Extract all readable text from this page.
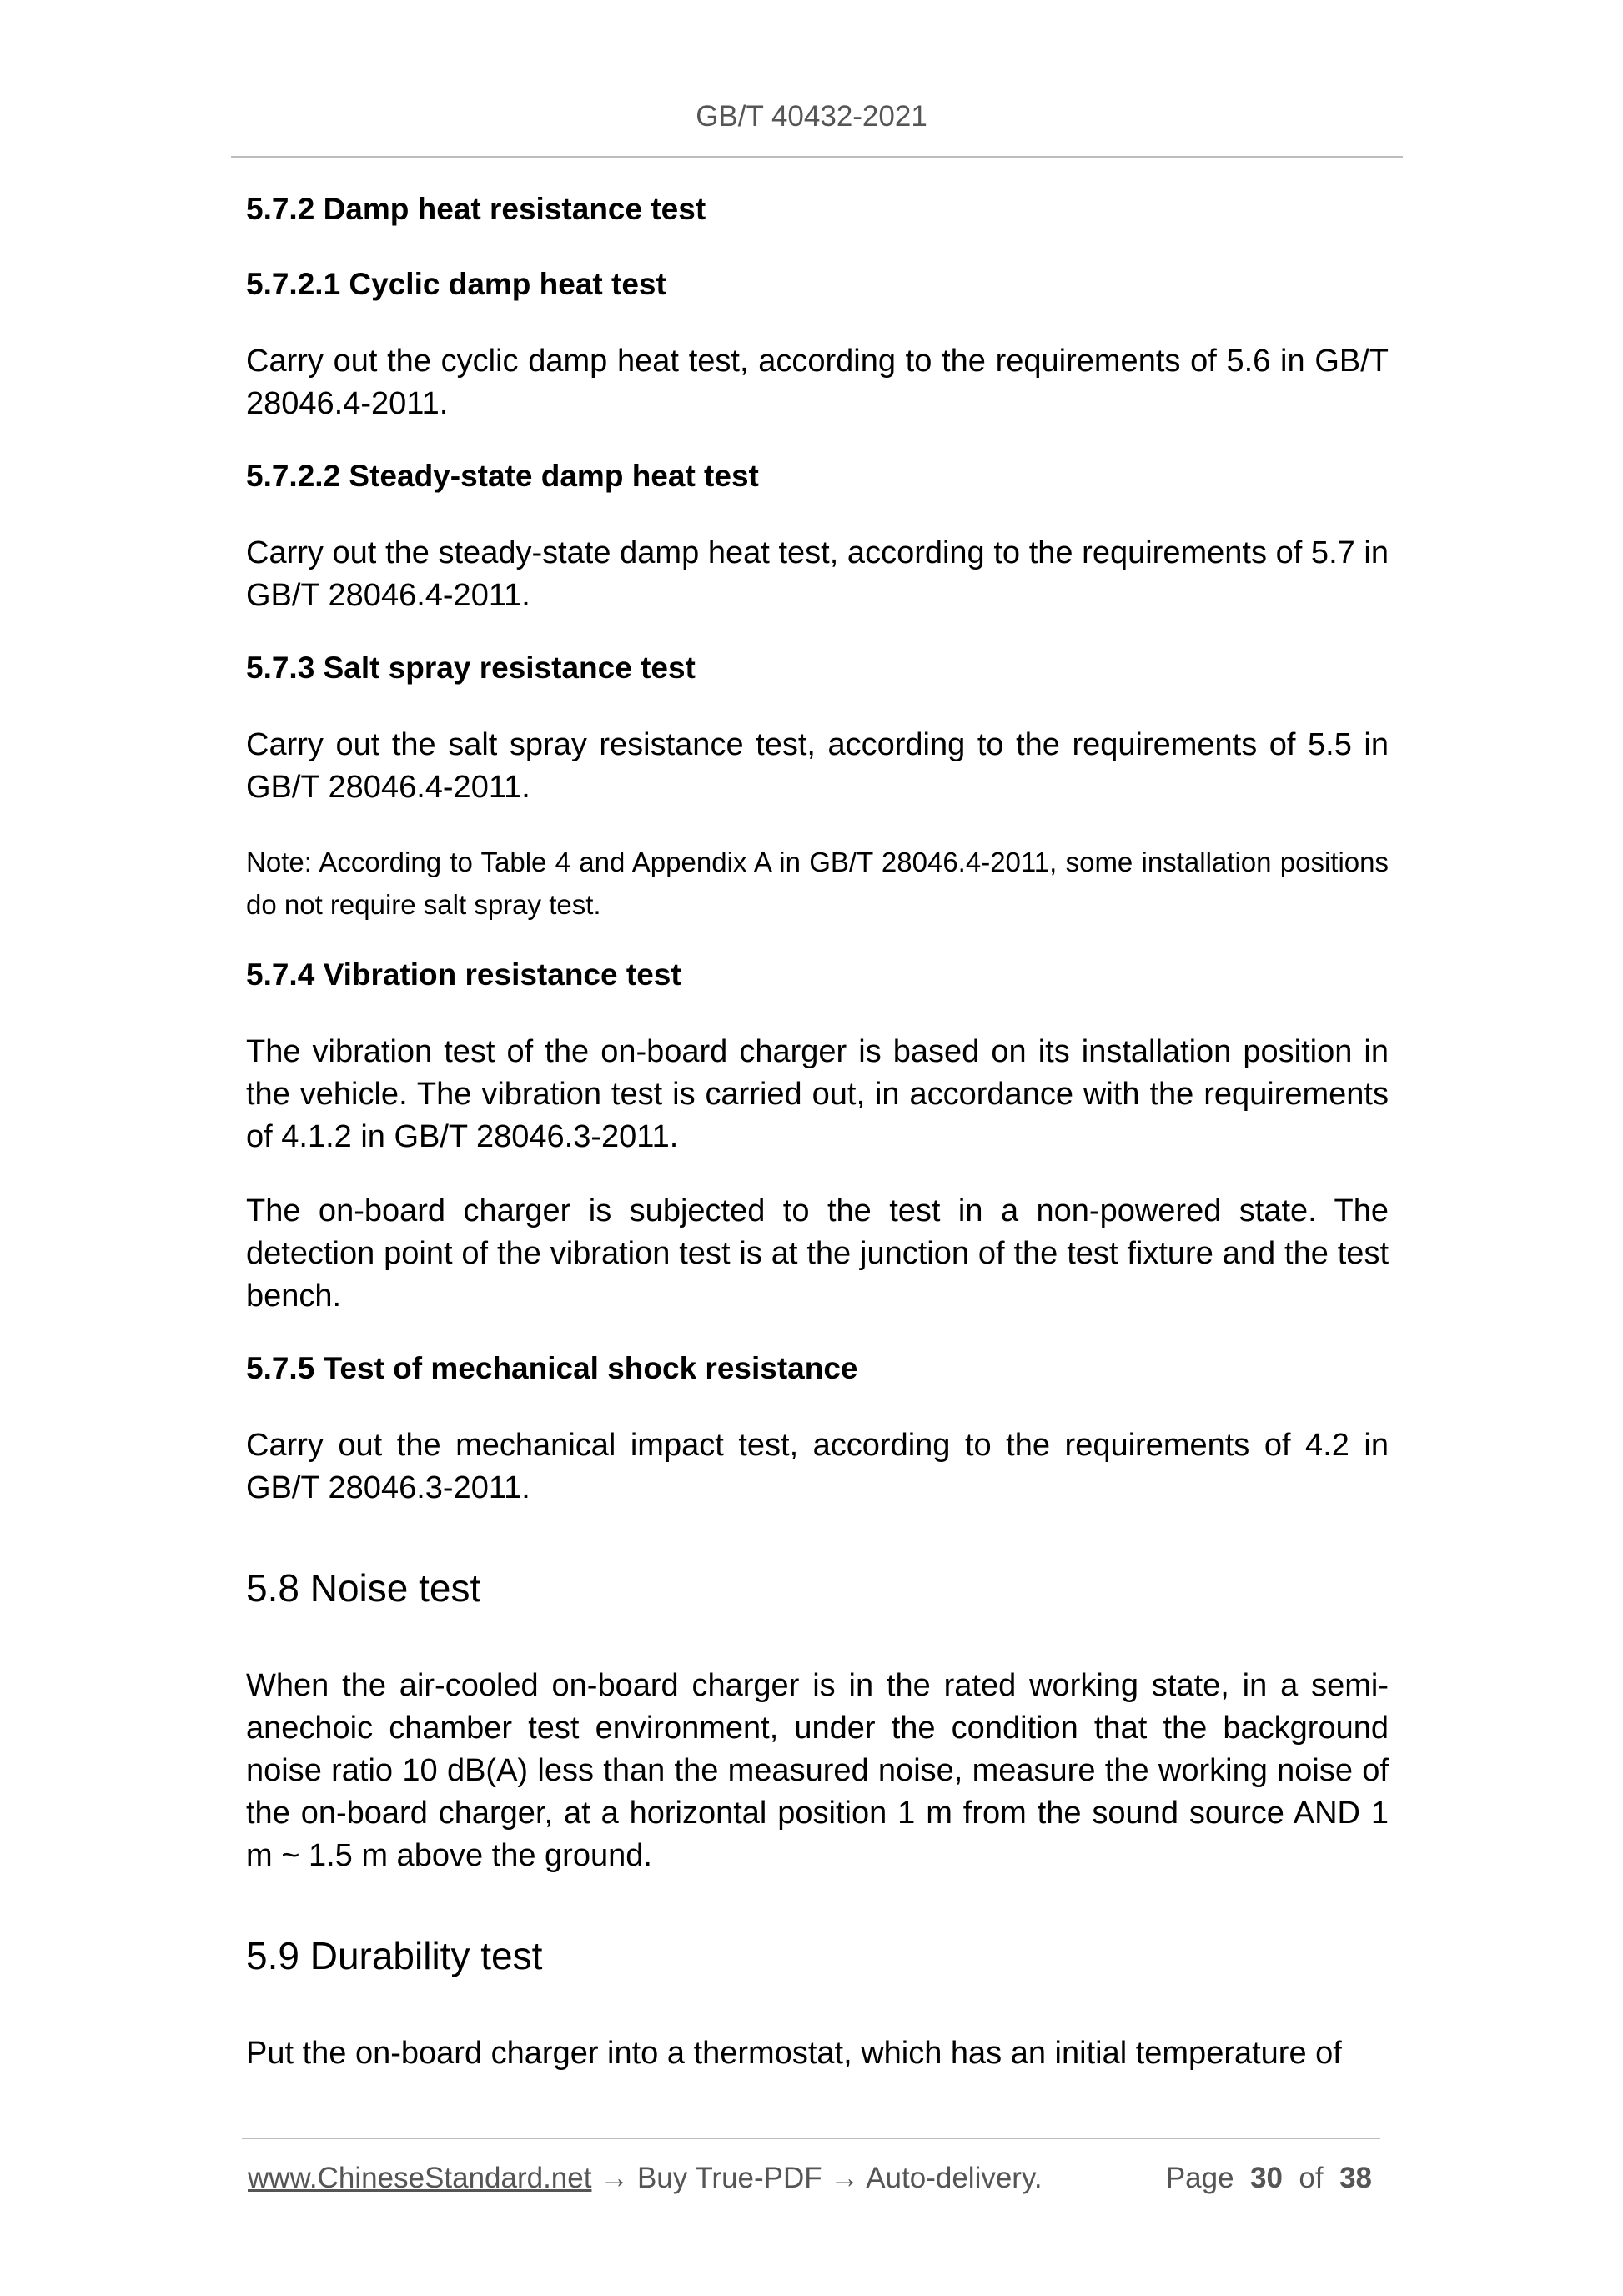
GB/T 40432-2021
5.7.2 Damp heat resistance test
5.7.2.1 Cyclic damp heat test
Carry out the cyclic damp heat test, according to the requirements of 5.6 in GB/T 28046.4-2011.
5.7.2.2 Steady-state damp heat test
Carry out the steady-state damp heat test, according to the requirements of 5.7 in GB/T 28046.4-2011.
5.7.3 Salt spray resistance test
Carry out the salt spray resistance test, according to the requirements of 5.5 in GB/T 28046.4-2011.
Note: According to Table 4 and Appendix A in GB/T 28046.4-2011, some installation positions do not require salt spray test.
5.7.4 Vibration resistance test
The vibration test of the on-board charger is based on its installation position in the vehicle. The vibration test is carried out, in accordance with the requirements of 4.1.2 in GB/T 28046.3-2011.
The on-board charger is subjected to the test in a non-powered state. The detection point of the vibration test is at the junction of the test fixture and the test bench.
5.7.5 Test of mechanical shock resistance
Carry out the mechanical impact test, according to the requirements of 4.2 in GB/T 28046.3-2011.
5.8 Noise test
When the air-cooled on-board charger is in the rated working state, in a semi-anechoic chamber test environment, under the condition that the background noise ratio 10 dB(A) less than the measured noise, measure the working noise of the on-board charger, at a horizontal position 1 m from the sound source AND 1 m ~ 1.5 m above the ground.
5.9 Durability test
Put the on-board charger into a thermostat, which has an initial temperature of
www.ChineseStandard.net → Buy True-PDF → Auto-delivery.	Page 30 of 38
